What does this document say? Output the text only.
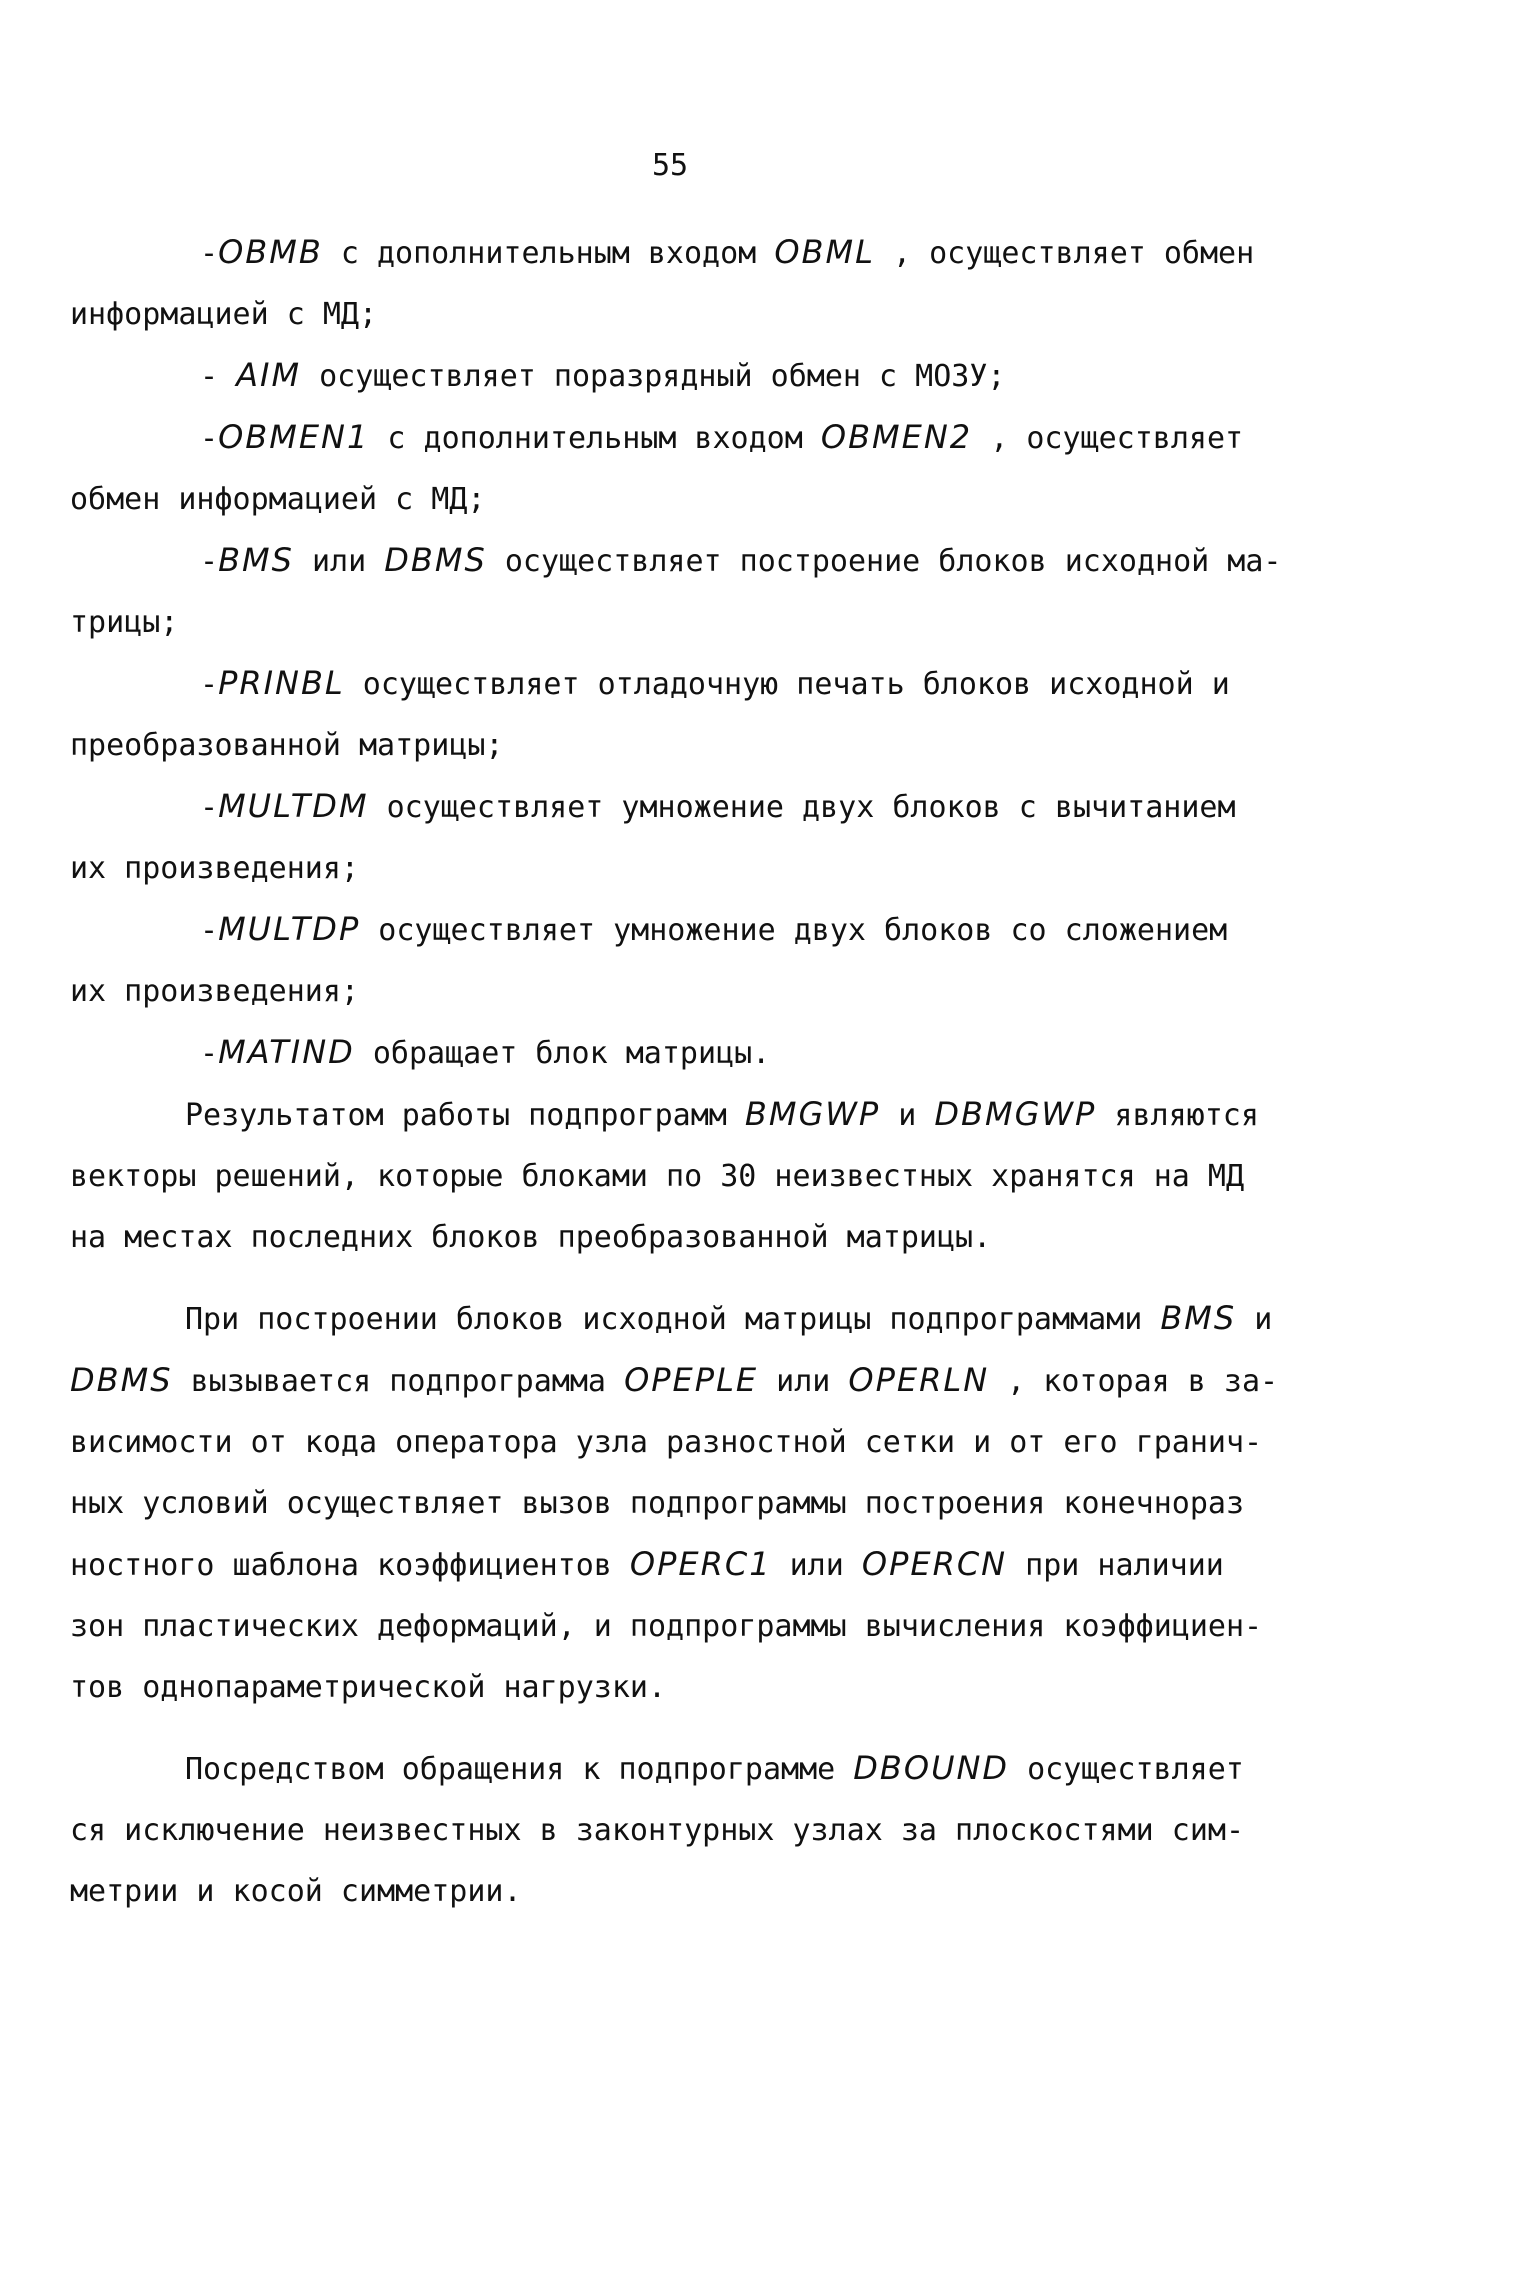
55

-OBMB с дополнительным входом OBML , осуществляет обмен

информацией с МД;

- AIM осуществляет поразрядный обмен с МОЗУ;

-OBMEN1 с дополнительным входом OBMEN2 , осуществляет

обмен информацией с МД;

-BMS или DBMS осуществляет построение блоков исходной ма-

трицы;

-PRINBL осуществляет отладочную печать блоков исходной и

преобразованной матрицы;

-MULTDM осуществляет умножение двух блоков с вычитанием

их произведения;

-MULTDP осуществляет умножение двух блоков со сложением

их произведения;

-MATIND обращает блок матрицы.

Результатом работы подпрограмм BMGWP и DBMGWP являются

векторы решений, которые блоками по 30 неизвестных хранятся на МД

на местах последних блоков преобразованной матрицы.

При построении блоков исходной матрицы подпрограммами BMS и

DBMS вызывается подпрограмма OPEPLE или OPERLN , которая в за-

висимости от кода оператора узла разностной сетки и от его гранич-

ных условий осуществляет вызов подпрограммы построения конечнораз

ностного шаблона коэффициентов OPERC1 или OPERCN при наличии

зон пластических деформаций, и подпрограммы вычисления коэффициен-

тов однопараметрической нагрузки.

Посредством обращения к подпрограмме DBOUND осуществляет

ся исключение неизвестных в законтурных узлах за плоскостями сим-

метрии и косой симметрии.
